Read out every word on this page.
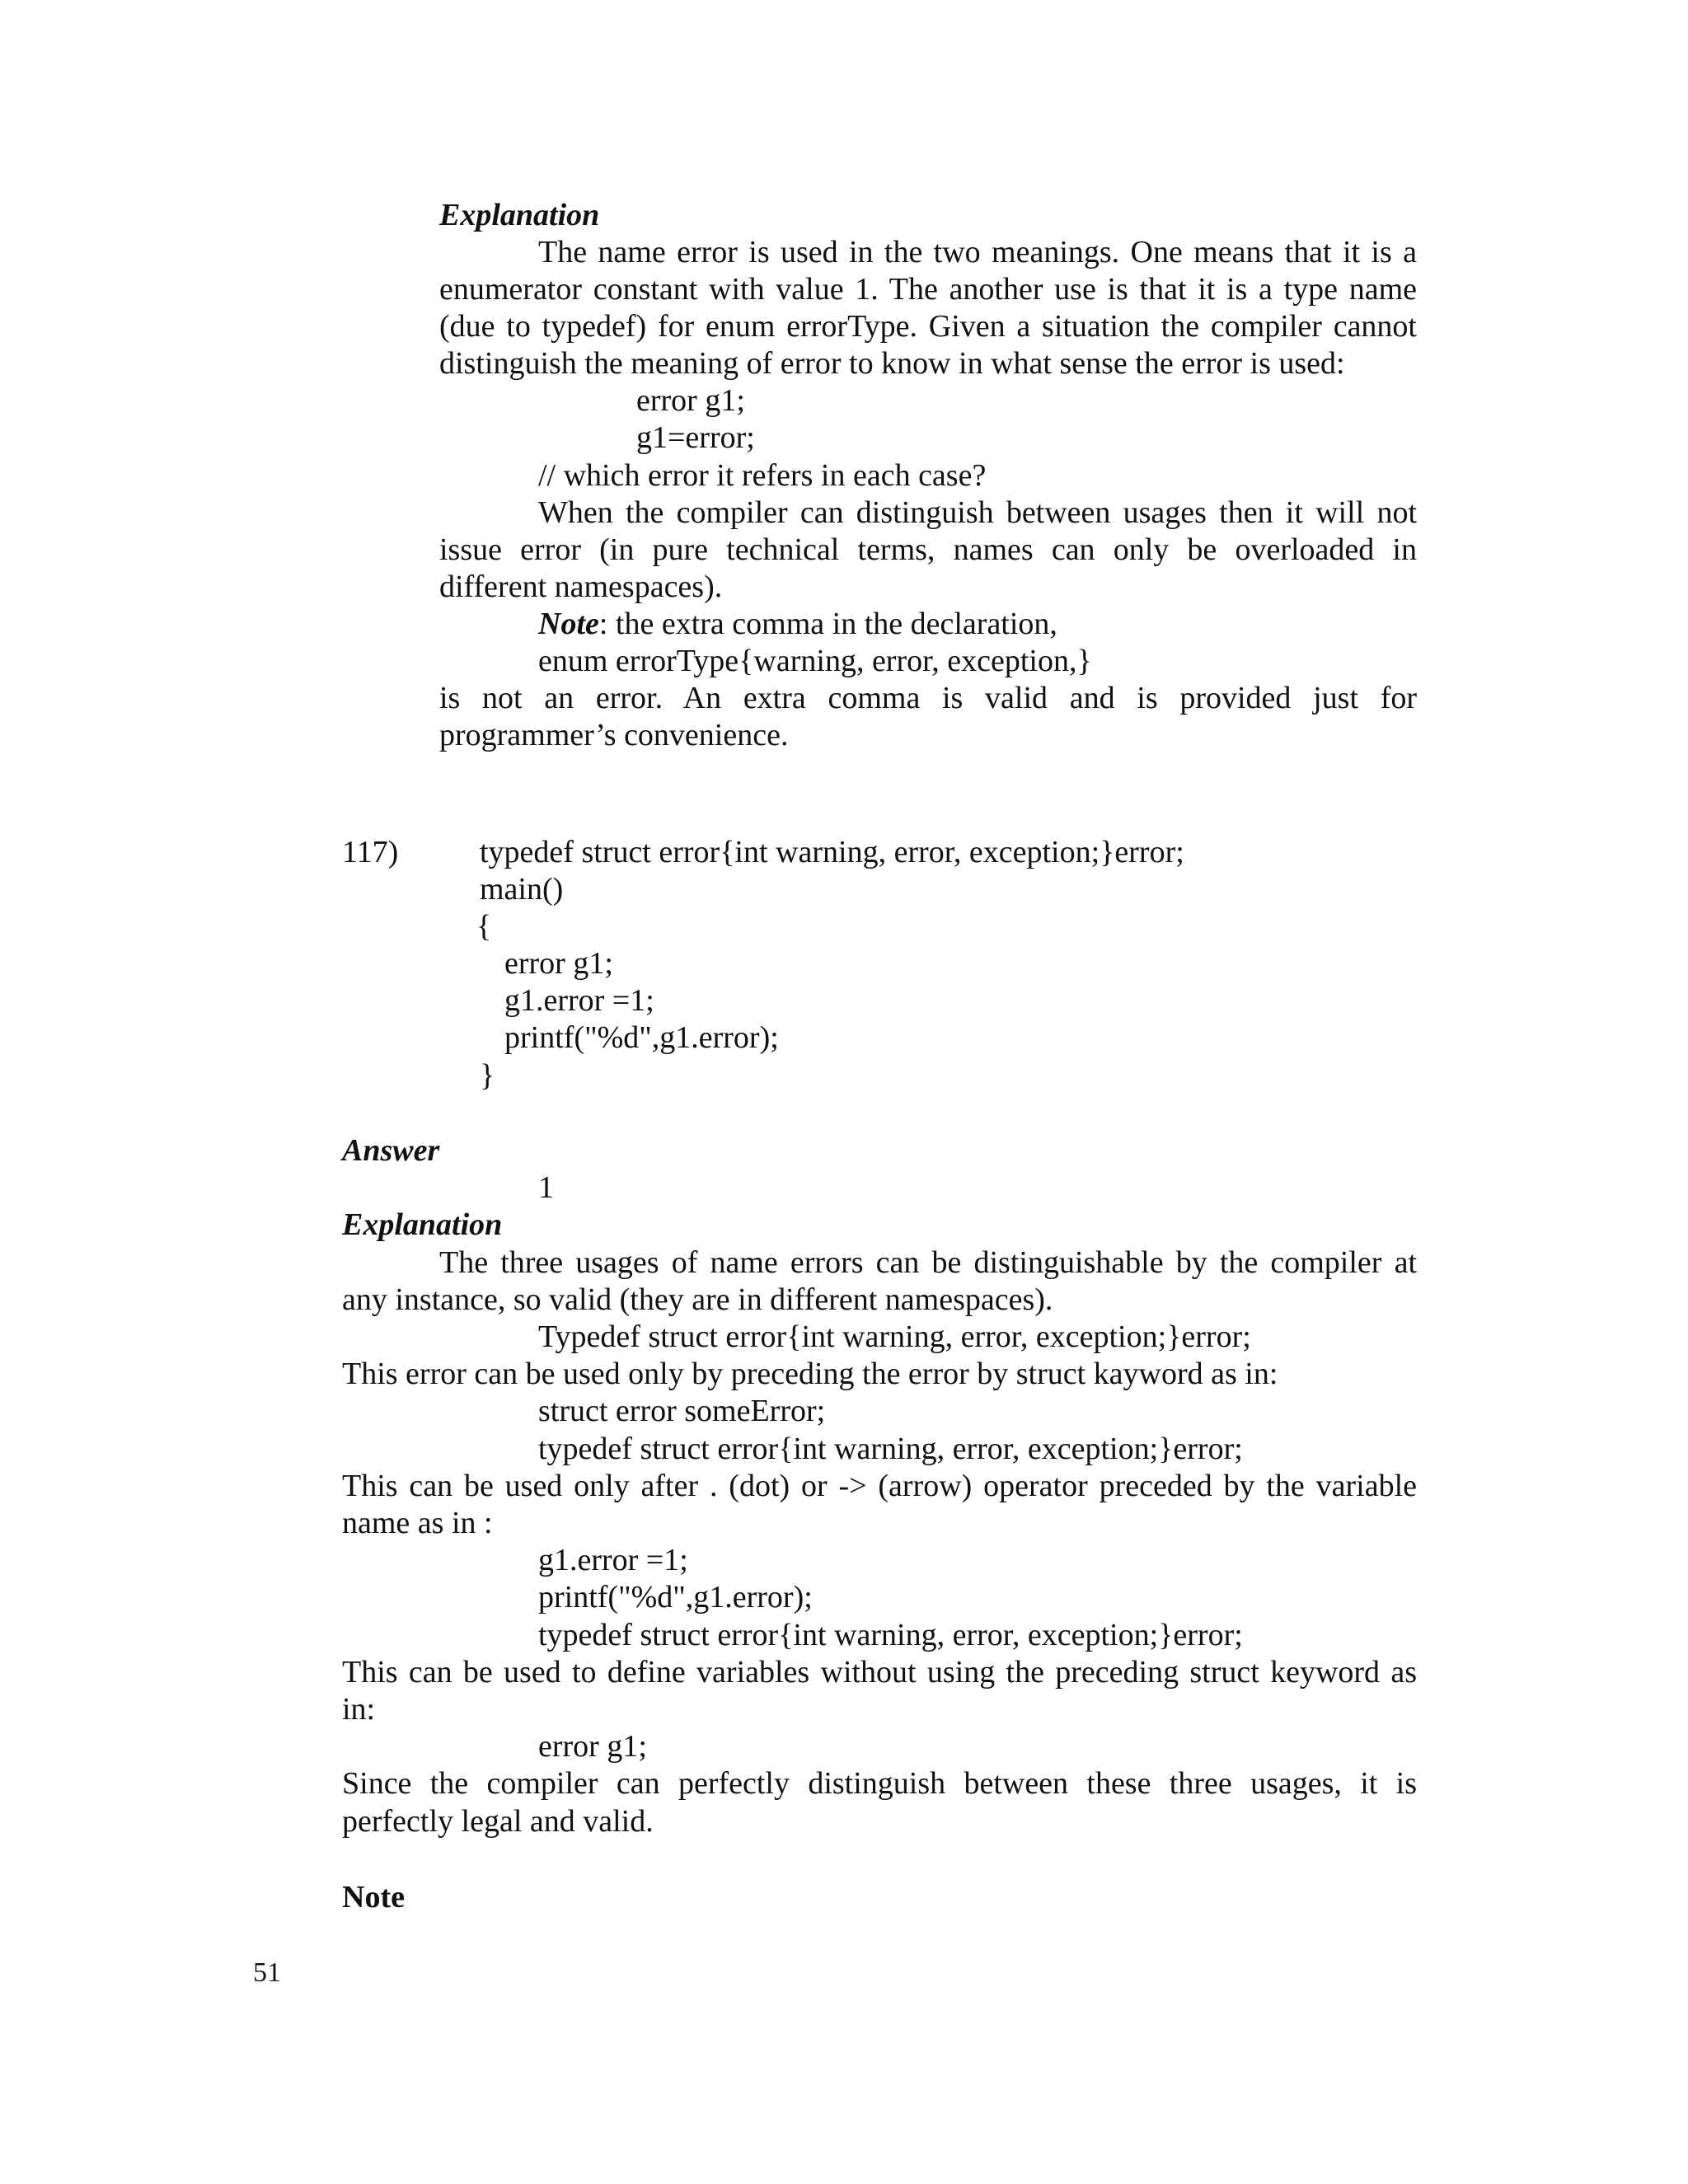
Explanation
The name error is used in the two meanings. One means that it is a
enumerator constant with value 1. The another use is that it is a type name
(due to typedef) for enum errorType. Given a situation the compiler cannot
distinguish the meaning of error to know in what sense the error is used:
error g1;
g1=error;
// which error it refers in each case?
When the compiler can distinguish between usages then it will not
issue error (in pure technical terms, names can only be overloaded in
different namespaces).
Note: the extra comma in the declaration,
enum errorType{warning, error, exception,}
is not an error. An extra comma is valid and is provided just for
programmer’s convenience.
117)	typedef struct error{int warning, error, exception;}error;
main()
{
error g1;
g1.error =1;
printf("%d",g1.error);
}
Answer
1
Explanation
The three usages of name errors can be distinguishable by the compiler at
any instance, so valid (they are in different namespaces).
Typedef struct error{int warning, error, exception;}error;
This error can be used only by preceding the error by struct kayword as in:
struct error someError;
typedef struct error{int warning, error, exception;}error;
This can be used only after . (dot) or -> (arrow) operator preceded by the variable
name as in :
g1.error =1;
printf("%d",g1.error);
typedef struct error{int warning, error, exception;}error;
This can be used to define variables without using the preceding struct keyword as
in:
error g1;
Since the compiler can perfectly distinguish between these three usages, it is
perfectly legal and valid.
Note
51
